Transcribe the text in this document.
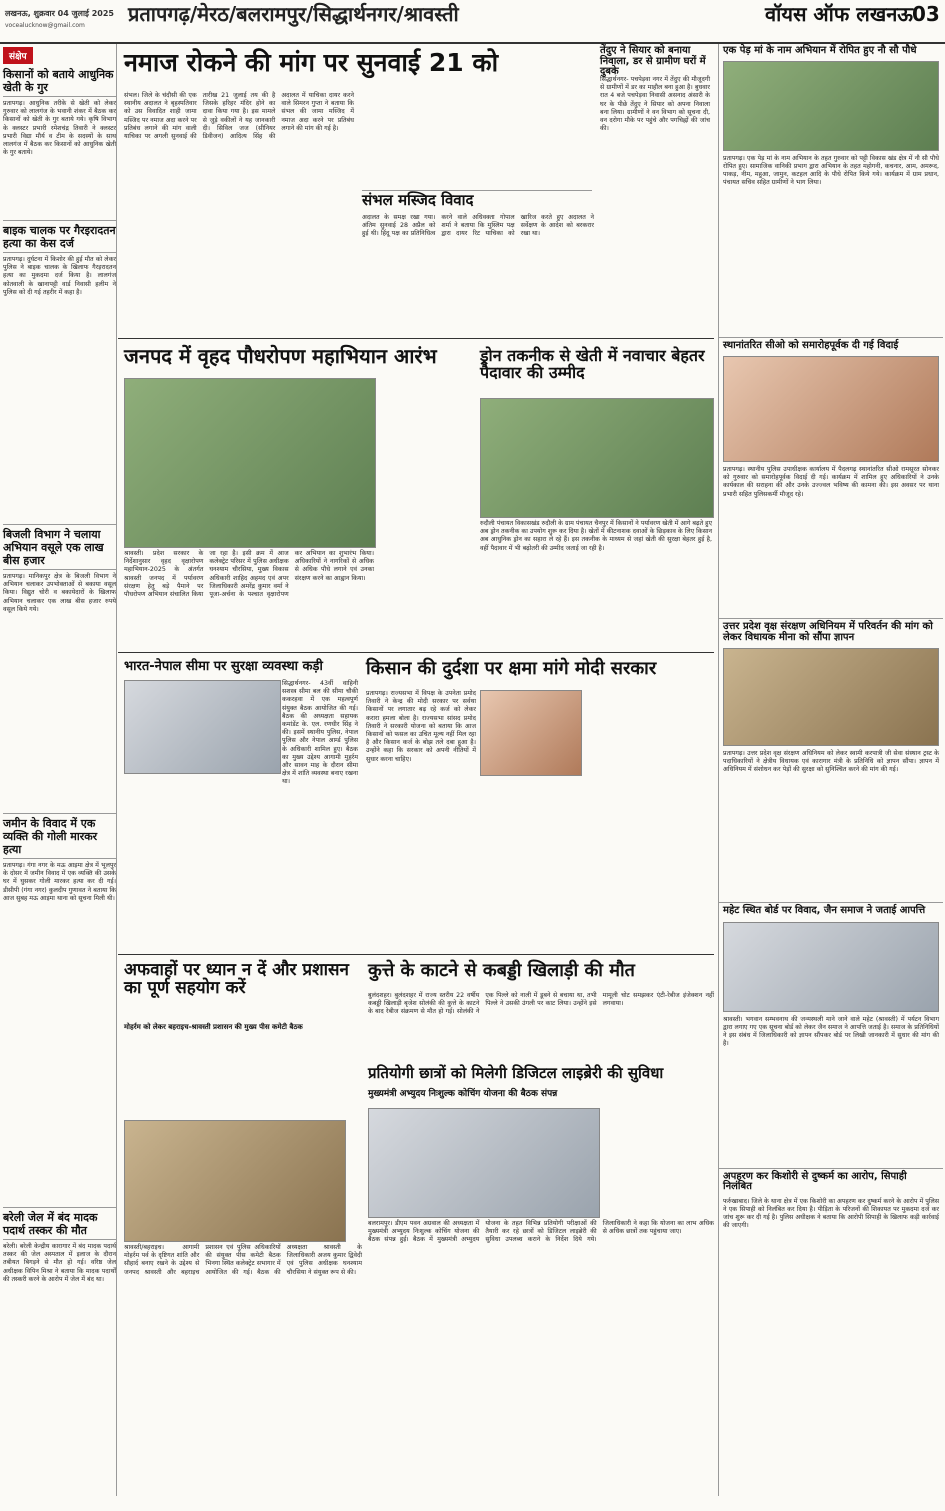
लखनऊ, शुक्रवार 04 जुलाई 2025
vocealucknow@gmail.com प्रतापगढ़/मेरठ/बलरामपुर/सिद्धार्थनगर/श्रावस्ती	वॉयस ऑफ लखनऊ 03
संक्षेप
किसानों को बताये आधुनिक खेती के गुर
प्रतापगढ़। आधुनिक तरीके से खेती को लेकर गुरुवार को लालगंज के भवानी शंकर में बैठक कर किसानों को खेती के गुर बताये गये। कृषि विभाग के क्लस्टर प्रभारी रमेशचंद्र तिवारी ने क्लस्टर प्रभारी विद्या मौर्य व टीम के सदस्यों के साथ लालगंज में बैठक कर किसानों को आधुनिक खेती के गुर बताये।
बाइक चालक पर गैरइरादतन हत्या का केस दर्ज
प्रतापगढ़। दुर्घटना में किशोर की हुई मौत को लेकर पुलिस ने बाइक चालक के खिलाफ गैरइरादतन हत्या का मुकदमा दर्ज किया है। लालगंज कोतवाली के खानापट्टी वार्ड निवासी हलीम ने पुलिस को दी गई तहरीर में कहा है।
बिजली विभाग ने चलाया अभियान वसूले एक लाख बीस हजार
प्रतापगढ़। मानिकपुर क्षेत्र के बिजली विभाग ने अभियान चलाकर उपभोक्ताओं से बकाया वसूल किया। विद्युत चोरी व बकायेदारों के खिलाफ अभियान चलाकर एक लाख बीस हजार रुपये वसूल किये गये।
जमीन के विवाद में एक व्यक्ति की गोली मारकर हत्या
प्रतापगढ़। गंगा नगर के मऊ आइमा क्षेत्र में भूलपुर के दोसर में जमीन विवाद में एक व्यक्ति की उसके घर में घुसकर गोली मारकर हत्या कर दी गई। डीसीपी (गंगा नगर) कुलदीप गुणावत ने बताया कि आज सुबह मऊ आइमा थाना को सूचना मिली थी।
बरेली जेल में बंद मादक पदार्थ तस्कर की मौत
बरेली। बरेली केन्द्रीय कारागार में बंद मादक पदार्थ तस्कर की जेल अस्पताल में इलाज के दौरान तबीयत बिगड़ने से मौत हो गई। वरिष्ठ जेल अधीक्षक विपिन मिश्रा ने बताया कि मादक पदार्थों की तस्करी करने के आरोप में जेल में बंद था।
नमाज रोकने की मांग पर सुनवाई 21 को
संभल। जिले के चंदौसी की एक स्थानीय अदालत ने बृहस्पतिवार को उस विवादित शाही जामा मस्जिद पर नमाज अदा करने पर प्रतिबंध लगाने की मांग वाली याचिका पर अगली सुनवाई की तारीख 21 जुलाई तय की है जिसके हरिहर मंदिर होने का दावा किया गया है। इस मामले से जुड़े वकीलों ने यह जानकारी दी। सिविल जज (सीनियर डिवीजन) आदित्य सिंह की अदालत में याचिका दायर करने वाले सिमरन गुप्ता ने बताया कि संभल की जामा मस्जिद में नमाज अदा करने पर प्रतिबंध लगाने की मांग की गई है।
संभल मस्जिद विवाद
अदालत के समक्ष रखा गया। अंतिम सुनवाई 28 अप्रैल को हुई थी। हिंदू पक्ष का प्रतिनिधित्व करने वाले अधिवक्ता गोपाल शर्मा ने बताया कि मुस्लिम पक्ष द्वारा दायर रिट याचिका को खारिज करते हुए अदालत ने सर्वेक्षण के आदेश को बरकरार रखा था।

तेंदुए ने सियार को बनाया निवाला, डर से ग्रामीण घरों में दुबके
सिद्धार्थनगर- पचपेड़वा नगर में तेंदुए की मौजूदगी से ग्रामीणों में डर का माहौल बना हुआ है। बुधवार रात 4 बजे पचपेड़वा निवासी असनाद अंसारी के घर के पीछे तेंदुए ने सियार को अपना निवाला बना लिया। ग्रामीणों ने वन विभाग को सूचना दी, वन दरोगा मौके पर पहुंचे और पगचिह्नों की जांच की।
जनपद में वृहद पौधरोपण महाभियान आरंभ
श्रावस्ती। प्रदेश सरकार के निर्देशानुसार वृहद वृक्षारोपण महाभियान-2025 के अंतर्गत श्रावस्ती जनपद में पर्यावरण संरक्षण हेतु बड़े पैमाने पर पौधरोपण अभियान संचालित किया जा रहा है। इसी क्रम में आज कलेक्ट्रेट परिसर में पुलिस अधीक्षक घनश्याम चौरसिया, मुख्य विकास अधिकारी शाहिद अहमद एवं अपर जिलाधिकारी अमरेंद्र कुमार वर्मा ने पूजा-अर्चना के पश्चात वृक्षारोपण कर अभियान का शुभारंभ किया। अधिकारियों ने नागरिकों से अधिक से अधिक पौधे लगाने एवं उनका संरक्षण करने का आह्वान किया।

ड्रोन तकनीक से खेती में नवाचार बेहतर पैदावार की उम्मीद
रुदौली पंचायत विकासखंड रुदौली के ग्राम पंचायत चैनपुर में किसानों ने पर्यावरण खेती में आगे बढ़ते हुए अब ड्रोन तकनीक का उपयोग शुरू कर दिया है। खेतों में कीटनाशक दवाओं के छिड़काव के लिए किसान अब आधुनिक ड्रोन का सहारा ले रहे हैं। इस तकनीक के माध्यम से जहां खेती की सुरक्षा बेहतर हुई है, वहीं पैदावार में भी बढ़ोतरी की उम्मीद जताई जा रही है।
भारत-नेपाल सीमा पर सुरक्षा व्यवस्था कड़ी
सिद्धार्थनगर- 43वीं वाहिनी सशस्त्र सीमा बल की सीमा चौकी ककरहवा में एक महत्वपूर्ण संयुक्त बैठक आयोजित की गई। बैठक की अध्यक्षता सहायक कमांडेंट के. एल. रणधीर सिंह ने की। इसमें स्थानीय पुलिस, नेपाल पुलिस और नेपाल आर्म्ड पुलिस के अधिकारी शामिल हुए। बैठक का मुख्य उद्देश्य आगामी मुहर्रम और सावन माह के दौरान सीमा क्षेत्र में शांति व्यवस्था बनाए रखना था।

किसान की दुर्दशा पर क्षमा मांगे मोदी सरकार
प्रतापगढ़। राज्यसभा में विपक्ष के उपनेता प्रमोद तिवारी ने केन्द्र की मोदी सरकार पर सर्वथा किसानों पर लगातार बढ़ रहे कर्ज को लेकर करारा हमला बोला है। राज्यसभा सांसद प्रमोद तिवारी ने सरकारी योजना को बताया कि आज किसानों को फसल का उचित मूल्य नहीं मिल रहा है और किसान कर्ज के बोझ तले दबा हुआ है। उन्होंने कहा कि सरकार को अपनी नीतियों में सुधार करना चाहिए।

अफवाहों पर ध्यान न दें और प्रशासन का पूर्ण सहयोग करें
मोहर्रम को लेकर बहराइच-श्रावस्ती प्रशासन की मुख्य पीस कमेटी बैठक
श्रावस्ती/बहराइच। आगामी मोहर्रम पर्व के दृष्टिगत शांति और सौहार्द बनाए रखने के उद्देश्य से जनपद श्रावस्ती और बहराइच प्रशासन एवं पुलिस अधिकारियों की संयुक्त पीस कमेटी बैठक भिनगा स्थित कलेक्ट्रेट सभागार में आयोजित की गई। बैठक की अध्यक्षता श्रावस्ती के जिलाधिकारी अजय कुमार द्विवेदी एवं पुलिस अधीक्षक घनश्याम चौरसिया ने संयुक्त रूप से की।
कुत्ते के काटने से कबड्डी खिलाड़ी की मौत
बुलंदशहर। बुलंदशहर में राज्य स्तरीय 22 वर्षीय कबड्डी खिलाड़ी बृजेश सोलंकी की कुत्ते के काटने के बाद रेबीज संक्रमण से मौत हो गई। सोलंकी ने एक पिल्ले को नाली में डूबने से बचाया था, तभी पिल्ले ने उसकी उंगली पर काट लिया। उन्होंने इसे मामूली चोट समझकर एंटी-रेबीज इंजेक्शन नहीं लगवाया।
प्रतियोगी छात्रों को मिलेगी डिजिटल लाइब्रेरी की सुविधा
मुख्यमंत्री अभ्युदय निःशुल्क कोचिंग योजना की बैठक संपन्न
बलरामपुर। डीएम पवन अग्रवाल की अध्यक्षता में मुख्यमंत्री अभ्युदय निःशुल्क कोचिंग योजना की बैठक संपन्न हुई। बैठक में मुख्यमंत्री अभ्युदय योजना के तहत विभिन्न प्रतियोगी परीक्षाओं की तैयारी कर रहे छात्रों को डिजिटल लाइब्रेरी की सुविधा उपलब्ध कराने के निर्देश दिये गये। जिलाधिकारी ने कहा कि योजना का लाभ अधिक से अधिक छात्रों तक पहुंचाया जाए।

एक पेड़ मां के नाम अभियान में रोपित हुए नौ सौ पौधे
प्रतापगढ़। एक पेड़ मां के नाम अभियान के तहत गुरुवार को पट्टी विकास खंड क्षेत्र में नौ सौ पौधे रोपित हुए। सामाजिक वानिकी प्रभाग द्वारा अभियान के तहत महोगनी, कचनार, आम, अमरूद, पाकड़, नीम, महुआ, जामुन, कटहल आदि के पौधे रोपित किये गये। कार्यक्रम में ग्राम प्रधान, पंचायत सचिव सहित ग्रामीणों ने भाग लिया।
स्थानांतरित सीओ को समारोहपूर्वक दी गई विदाई
प्रतापगढ़। स्थानीय पुलिस उपाधीक्षक कार्यालय में पैदलगढ़ स्थानांतरित सीओ रामसूरत सोनकर को गुरुवार को समारोहपूर्वक विदाई दी गई। कार्यक्रम में शामिल हुए अधिकारियों ने उनके कार्यकाल की सराहना की और उनके उज्ज्वल भविष्य की कामना की। इस अवसर पर थाना प्रभारी सहित पुलिसकर्मी मौजूद रहे।
उत्तर प्रदेश वृक्ष संरक्षण अधिनियम में परिवर्तन की मांग को लेकर विधायक मीना को सौंपा ज्ञापन
प्रतापगढ़। उत्तर प्रदेश वृक्ष संरक्षण अधिनियम को लेकर स्वामी करपात्री जी सेवा संस्थान ट्रस्ट के पदाधिकारियों ने क्षेत्रीय विधायक एवं कारागार मंत्री के प्रतिनिधि को ज्ञापन सौंपा। ज्ञापन में अधिनियम में संशोधन कर पेड़ों की सुरक्षा को सुनिश्चित करने की मांग की गई।
महेट स्थित बोर्ड पर विवाद, जैन समाज ने जताई आपत्ति
श्रावस्ती। भगवान सम्भवनाथ की जन्मस्थली माने जाने वाले महेट (श्रावस्ती) में पर्यटन विभाग द्वारा लगाए गए एक सूचना बोर्ड को लेकर जैन समाज ने आपत्ति जताई है। समाज के प्रतिनिधियों ने इस संबंध में जिलाधिकारी को ज्ञापन सौंपकर बोर्ड पर लिखी जानकारी में सुधार की मांग की है।
अपहरण कर किशोरी से दुष्कर्म का आरोप, सिपाही निलंबित
फर्रुखाबाद। जिले के थाना क्षेत्र में एक किशोरी का अपहरण कर दुष्कर्म करने के आरोप में पुलिस ने एक सिपाही को निलंबित कर दिया है। पीड़िता के परिजनों की शिकायत पर मुकदमा दर्ज कर जांच शुरू कर दी गई है। पुलिस अधीक्षक ने बताया कि आरोपी सिपाही के खिलाफ कड़ी कार्रवाई की जाएगी।
